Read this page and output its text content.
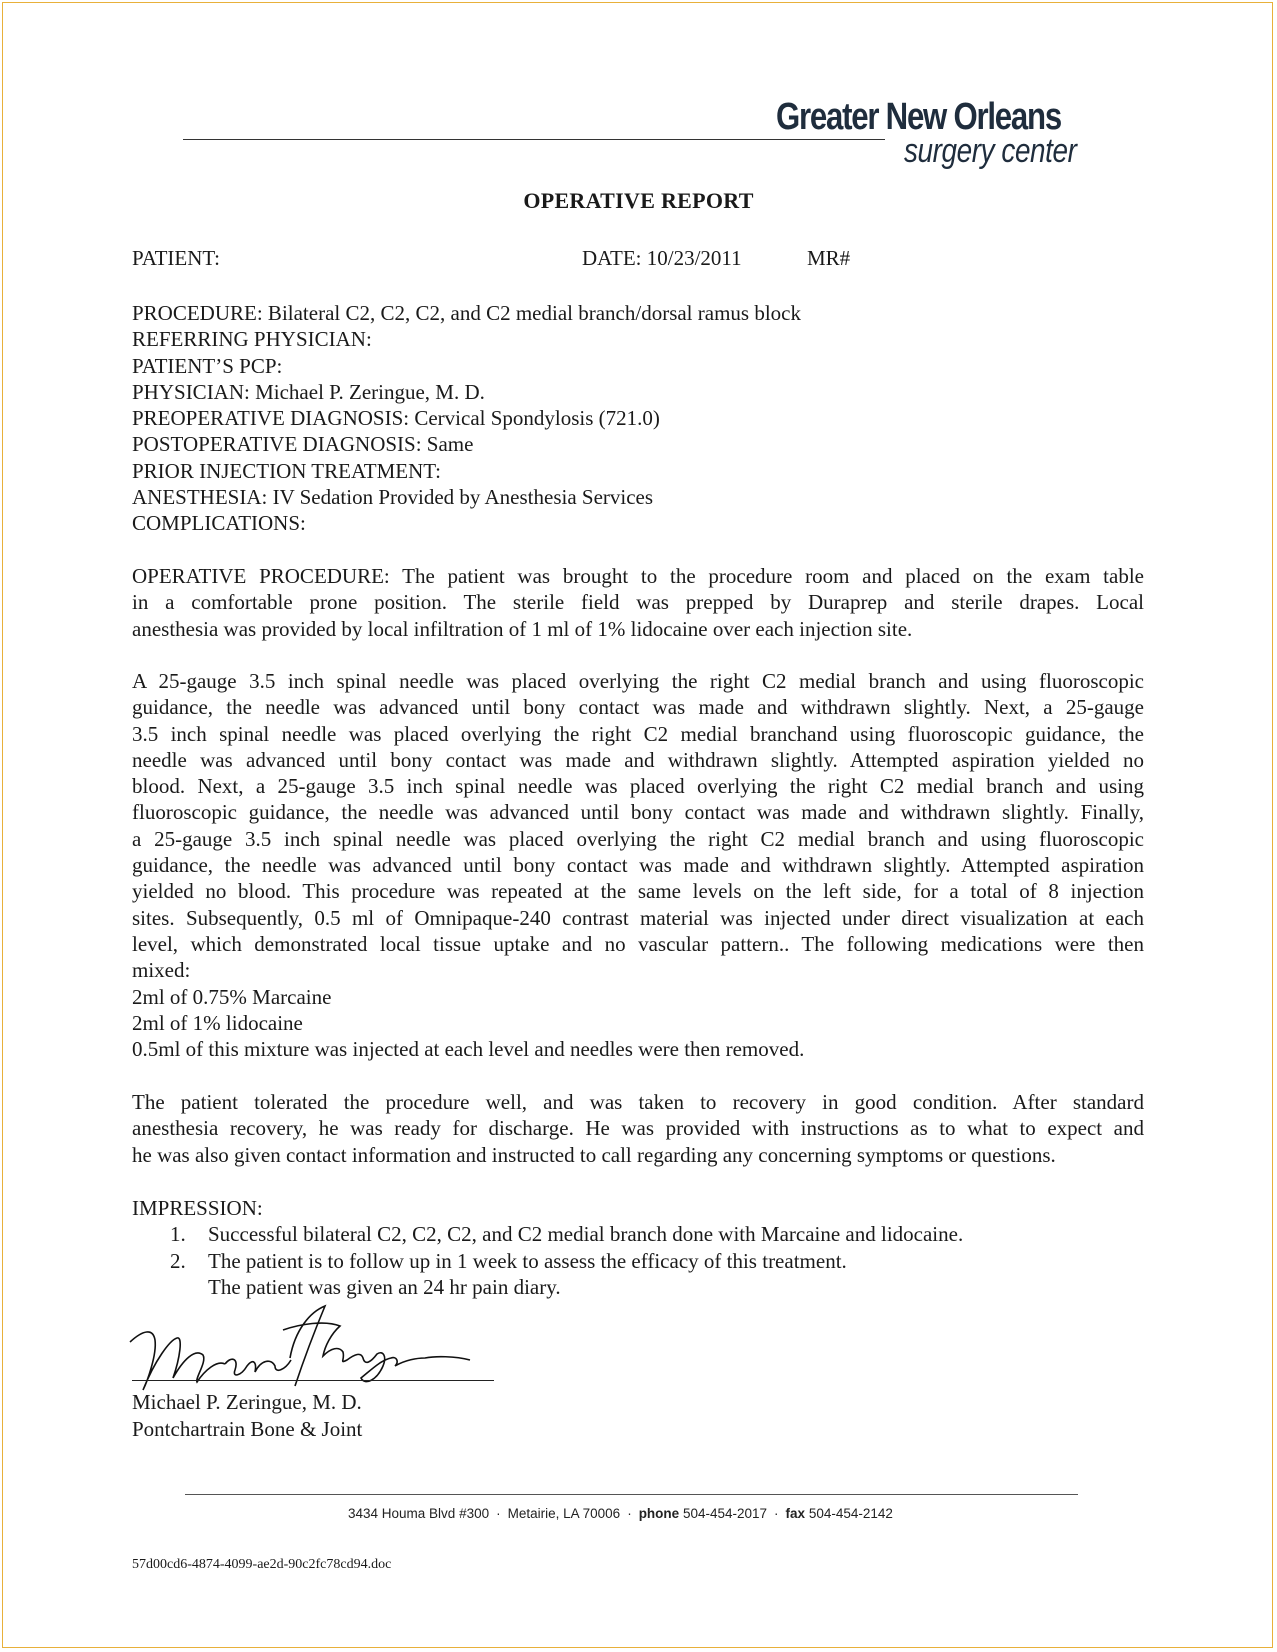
Greater New Orleans
surgery center
OPERATIVE REPORT
PATIENT:	DATE: 10/23/2011	MR#
PROCEDURE: Bilateral C2, C2, C2, and C2 medial branch/dorsal ramus block
REFERRING PHYSICIAN:
PATIENT’S PCP:
PHYSICIAN: Michael P. Zeringue, M. D.
PREOPERATIVE DIAGNOSIS: Cervical Spondylosis (721.0)
POSTOPERATIVE DIAGNOSIS: Same
PRIOR INJECTION TREATMENT:
ANESTHESIA: IV Sedation Provided by Anesthesia Services
COMPLICATIONS:
OPERATIVE PROCEDURE: The patient was brought to the procedure room and placed on the exam table
in a comfortable prone position. The sterile field was prepped by Duraprep and sterile drapes. Local
anesthesia was provided by local infiltration of 1 ml of 1% lidocaine over each injection site.
A 25-gauge 3.5 inch spinal needle was placed overlying the right C2 medial branch and using fluoroscopic
guidance, the needle was advanced until bony contact was made and withdrawn slightly. Next, a 25-gauge
3.5 inch spinal needle was placed overlying the right C2 medial branchand using fluoroscopic guidance, the
needle was advanced until bony contact was made and withdrawn slightly. Attempted aspiration yielded no
blood. Next, a 25-gauge 3.5 inch spinal needle was placed overlying the right C2 medial branch and using
fluoroscopic guidance, the needle was advanced until bony contact was made and withdrawn slightly. Finally,
a 25-gauge 3.5 inch spinal needle was placed overlying the right C2 medial branch and using fluoroscopic
guidance, the needle was advanced until bony contact was made and withdrawn slightly. Attempted aspiration
yielded no blood. This procedure was repeated at the same levels on the left side, for a total of 8 injection
sites. Subsequently, 0.5 ml of Omnipaque-240 contrast material was injected under direct visualization at each
level, which demonstrated local tissue uptake and no vascular pattern.. The following medications were then
mixed:
2ml of 0.75% Marcaine
2ml of 1% lidocaine
0.5ml of this mixture was injected at each level and needles were then removed.
The patient tolerated the procedure well, and was taken to recovery in good condition. After standard
anesthesia recovery, he was ready for discharge. He was provided with instructions as to what to expect and
he was also given contact information and instructed to call regarding any concerning symptoms or questions.
IMPRESSION:
1. Successful bilateral C2, C2, C2, and C2 medial branch done with Marcaine and lidocaine.
2. The patient is to follow up in 1 week to assess the efficacy of this treatment.
The patient was given an 24 hr pain diary.
Michael P. Zeringue, M. D.
Pontchartrain Bone & Joint
3434 Houma Blvd #300 · Metairie, LA 70006 · phone 504-454-2017 · fax 504-454-2142
57d00cd6-4874-4099-ae2d-90c2fc78cd94.doc
